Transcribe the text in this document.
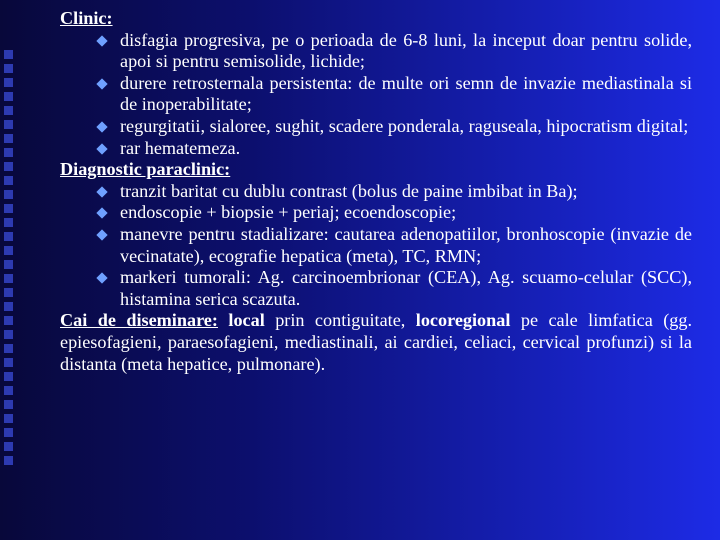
Clinic:
disfagia progresiva, pe o perioada de 6-8 luni, la inceput doar pentru solide, apoi si pentru semisolide, lichide;
durere retrosternala persistenta: de multe ori semn de invazie mediastinala si de inoperabilitate;
regurgitatii, sialoree, sughit, scadere ponderala, raguseala, hipocratism digital;
rar hematemeza.
Diagnostic paraclinic:
tranzit baritat cu dublu contrast (bolus de paine imbibat in Ba);
endoscopie + biopsie + periaj; ecoendoscopie;
manevre pentru stadializare: cautarea adenopatiilor, bronhoscopie (invazie de vecinatate), ecografie hepatica (meta), TC, RMN;
markeri tumorali: Ag. carcinoembrionar (CEA), Ag. scuamo-celular (SCC), histamina serica scazuta.
Cai de diseminare: local prin contiguitate, locoregional pe cale limfatica (gg. epiesofagieni, paraesofagieni, mediastinali, ai cardiei, celiaci, cervical profunzi) si la distanta (meta hepatice, pulmonare).
